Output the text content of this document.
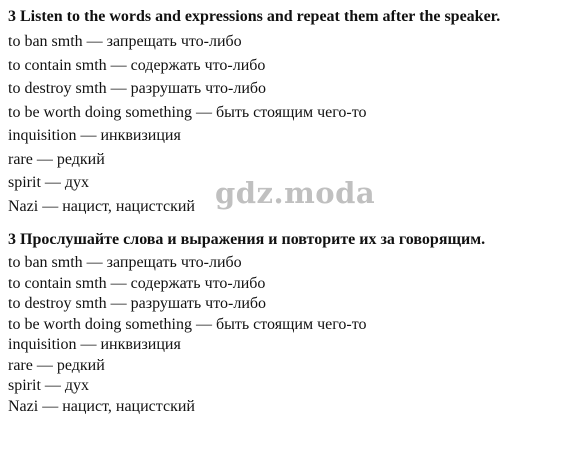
3 Listen to the words and expressions and repeat them after the speaker.
to ban smth — запрещать что-либо
to contain smth — содержать что-либо
to destroy smth — разрушать что-либо
to be worth doing something — быть стоящим чего-то
inquisition — инквизиция
rare — редкий
spirit — дух
Nazi — нацист, нацистский gdz.moda
3 Прослушайте слова и выражения и повторите их за говорящим.
to ban smth — запрещать что-либо
to contain smth — содержать что-либо
to destroy smth — разрушать что-либо
to be worth doing something — быть стоящим чего-то
inquisition — инквизиция
rare — редкий
spirit — дух
Nazi — нацист, нацистский
